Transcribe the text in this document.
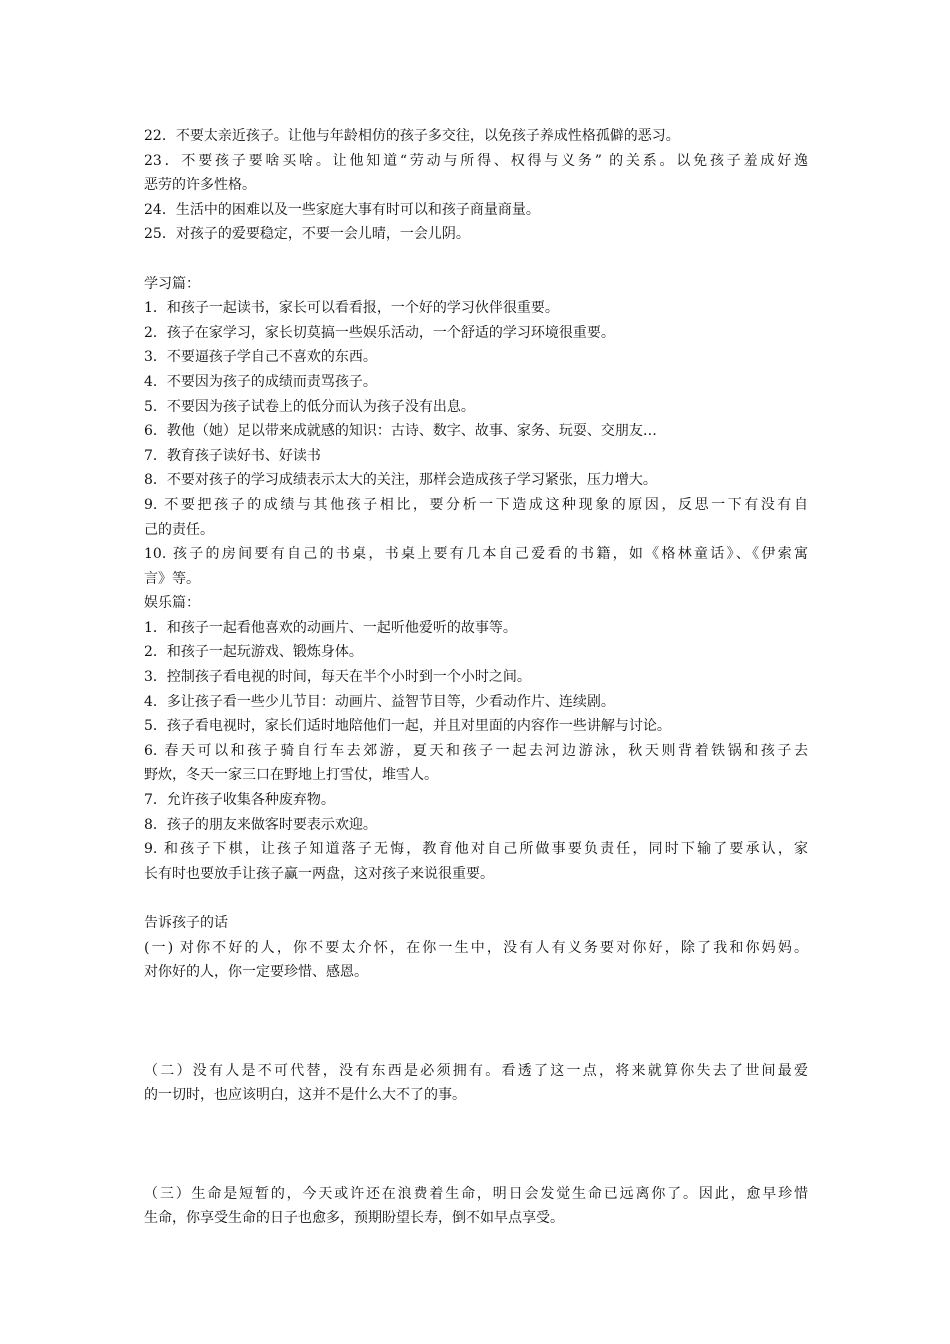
22．不要太亲近孩子。让他与年龄相仿的孩子多交往，以免孩子养成性格孤僻的恶习。
23．不要孩子要啥买啥。让他知道“劳动与所得、权得与义务” 的关系。以免孩子羞成好逸
恶劳的许多性格。
24．生活中的困难以及一些家庭大事有时可以和孩子商量商量。
25．对孩子的爱要稳定，不要一会儿晴，一会儿阴。
学习篇：
1．和孩子一起读书，家长可以看看报，一个好的学习伙伴很重要。
2．孩子在家学习，家长切莫搞一些娱乐活动，一个舒适的学习环境很重要。
3．不要逼孩子学自己不喜欢的东西。
4．不要因为孩子的成绩而责骂孩子。
5．不要因为孩子试卷上的低分而认为孩子没有出息。
6．教他（她）足以带来成就感的知识：古诗、数字、故事、家务、玩耍、交朋友…
7．教育孩子读好书、好读书
8．不要对孩子的学习成绩表示太大的关注，那样会造成孩子学习紧张，压力增大。
9. 不要把孩子的成绩与其他孩子相比，要分析一下造成这种现象的原因，反思一下有没有自
己的责任。
10. 孩子的房间要有自己的书桌，书桌上要有几本自己爱看的书籍，如《格林童话》、《伊索寓
言》等。
娱乐篇：
1．和孩子一起看他喜欢的动画片、一起听他爱听的故事等。
2．和孩子一起玩游戏、锻炼身体。
3．控制孩子看电视的时间，每天在半个小时到一个小时之间。
4．多让孩子看一些少儿节目：动画片、益智节目等，少看动作片、连续剧。
5．孩子看电视时，家长们适时地陪他们一起，并且对里面的内容作一些讲解与讨论。
6. 春天可以和孩子骑自行车去郊游，夏天和孩子一起去河边游泳，秋天则背着铁锅和孩子去
野炊，冬天一家三口在野地上打雪仗，堆雪人。
7．允许孩子收集各种废弃物。
8．孩子的朋友来做客时要表示欢迎。
9. 和孩子下棋，让孩子知道落子无悔，教育他对自己所做事要负责任，同时下输了要承认，家
长有时也要放手让孩子赢一两盘，这对孩子来说很重要。
告诉孩子的话
(一) 对你不好的人，你不要太介怀，在你一生中，没有人有义务要对你好，除了我和你妈妈。
对你好的人，你一定要珍惜、感恩。
（二）没有人是不可代替，没有东西是必须拥有。看透了这一点，将来就算你失去了世间最爱
的一切时，也应该明白，这并不是什么大不了的事。
（三）生命是短暂的，今天或许还在浪费着生命，明日会发觉生命已远离你了。因此，愈早珍惜
生命，你享受生命的日子也愈多，预期盼望长寿，倒不如早点享受。
